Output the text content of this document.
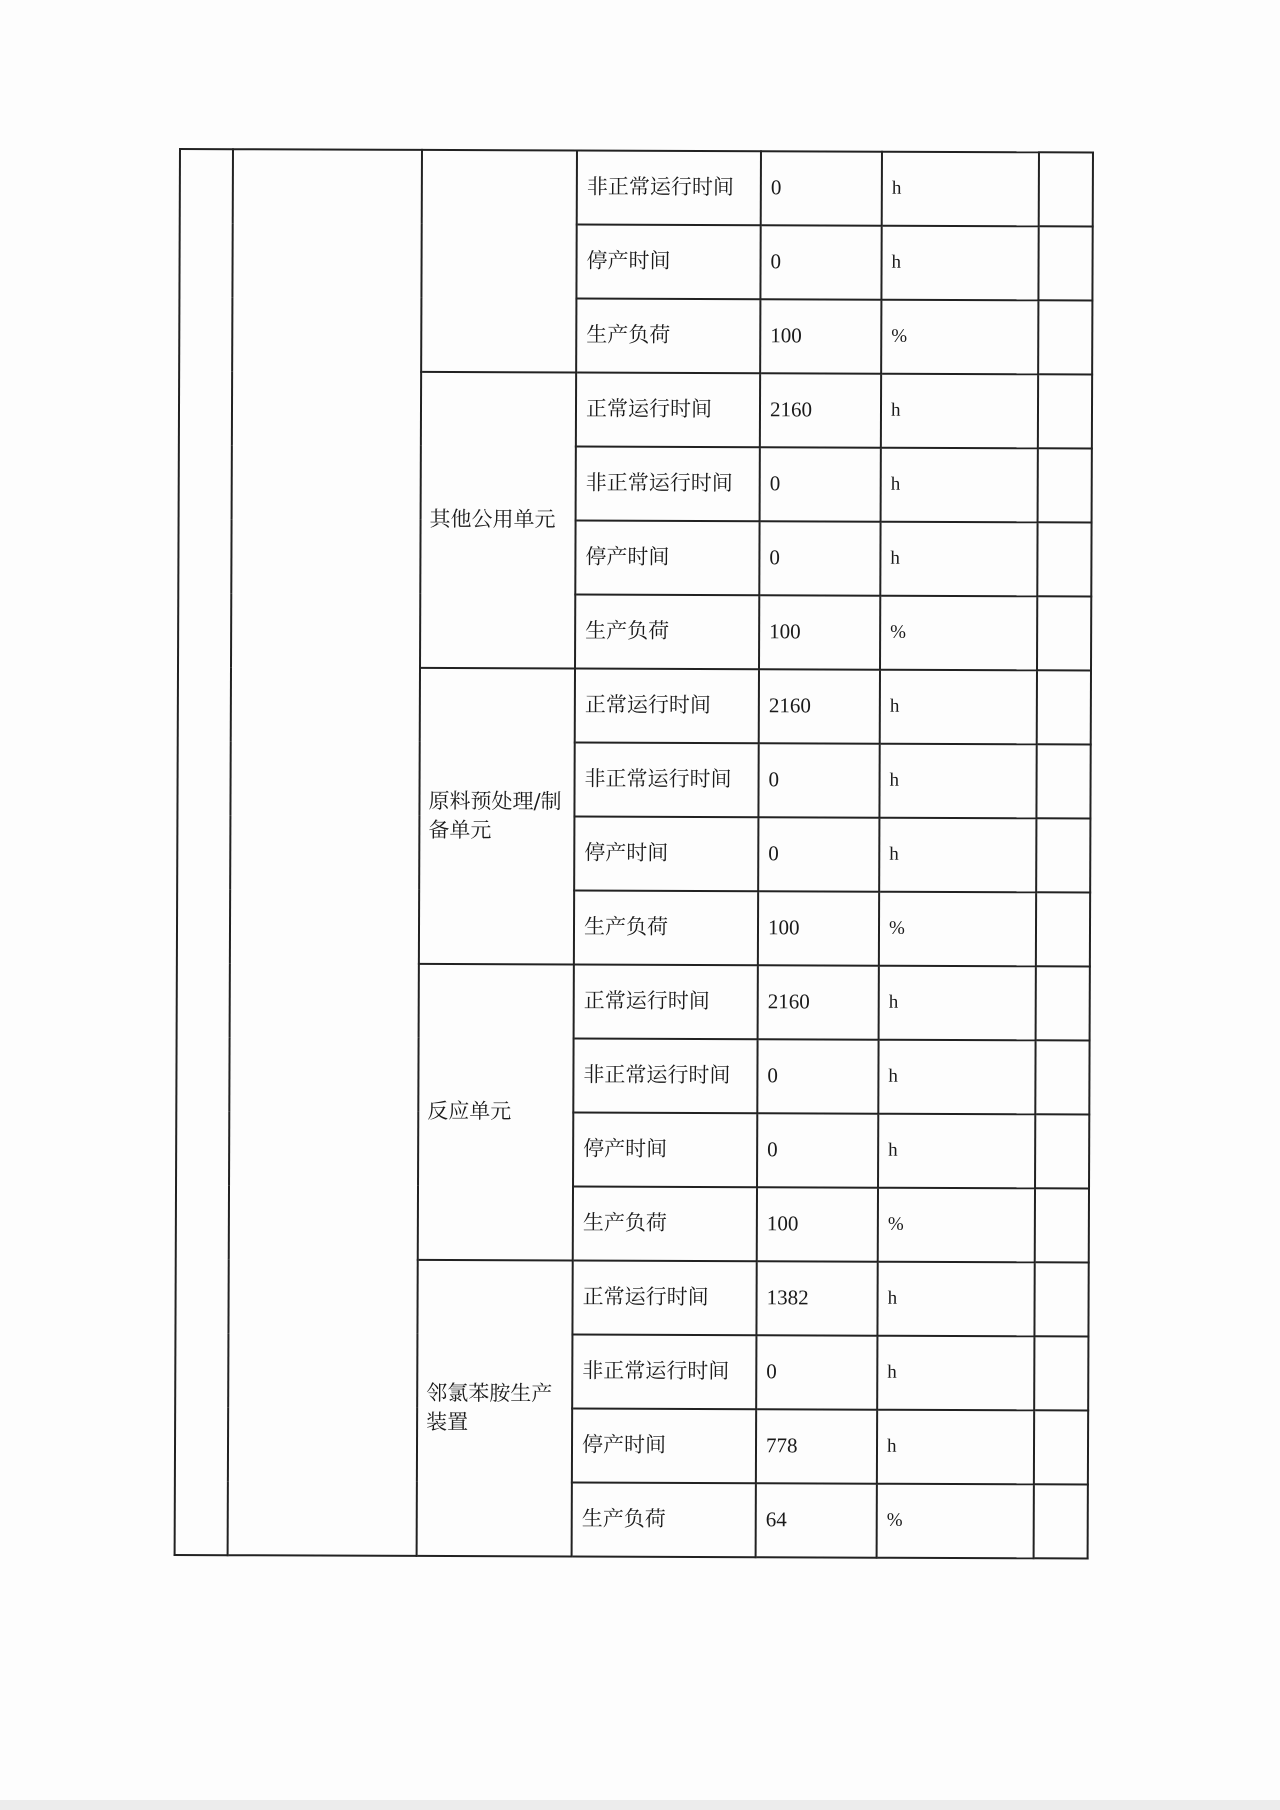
			非正常运行时间	0	h	
			停产时间	0	h	
			生产负荷	100	%	
		其他公用单元	正常运行时间	2160	h	
			非正常运行时间	0	h	
			停产时间	0	h	
			生产负荷	100	%	
		原料预处理/制备单元	正常运行时间	2160	h	
			非正常运行时间	0	h	
			停产时间	0	h	
			生产负荷	100	%	
		反应单元	正常运行时间	2160	h	
			非正常运行时间	0	h	
			停产时间	0	h	
			生产负荷	100	%	
		邻氯苯胺生产装置	正常运行时间	1382	h	
			非正常运行时间	0	h	
			停产时间	778	h	
			生产负荷	64	%	
